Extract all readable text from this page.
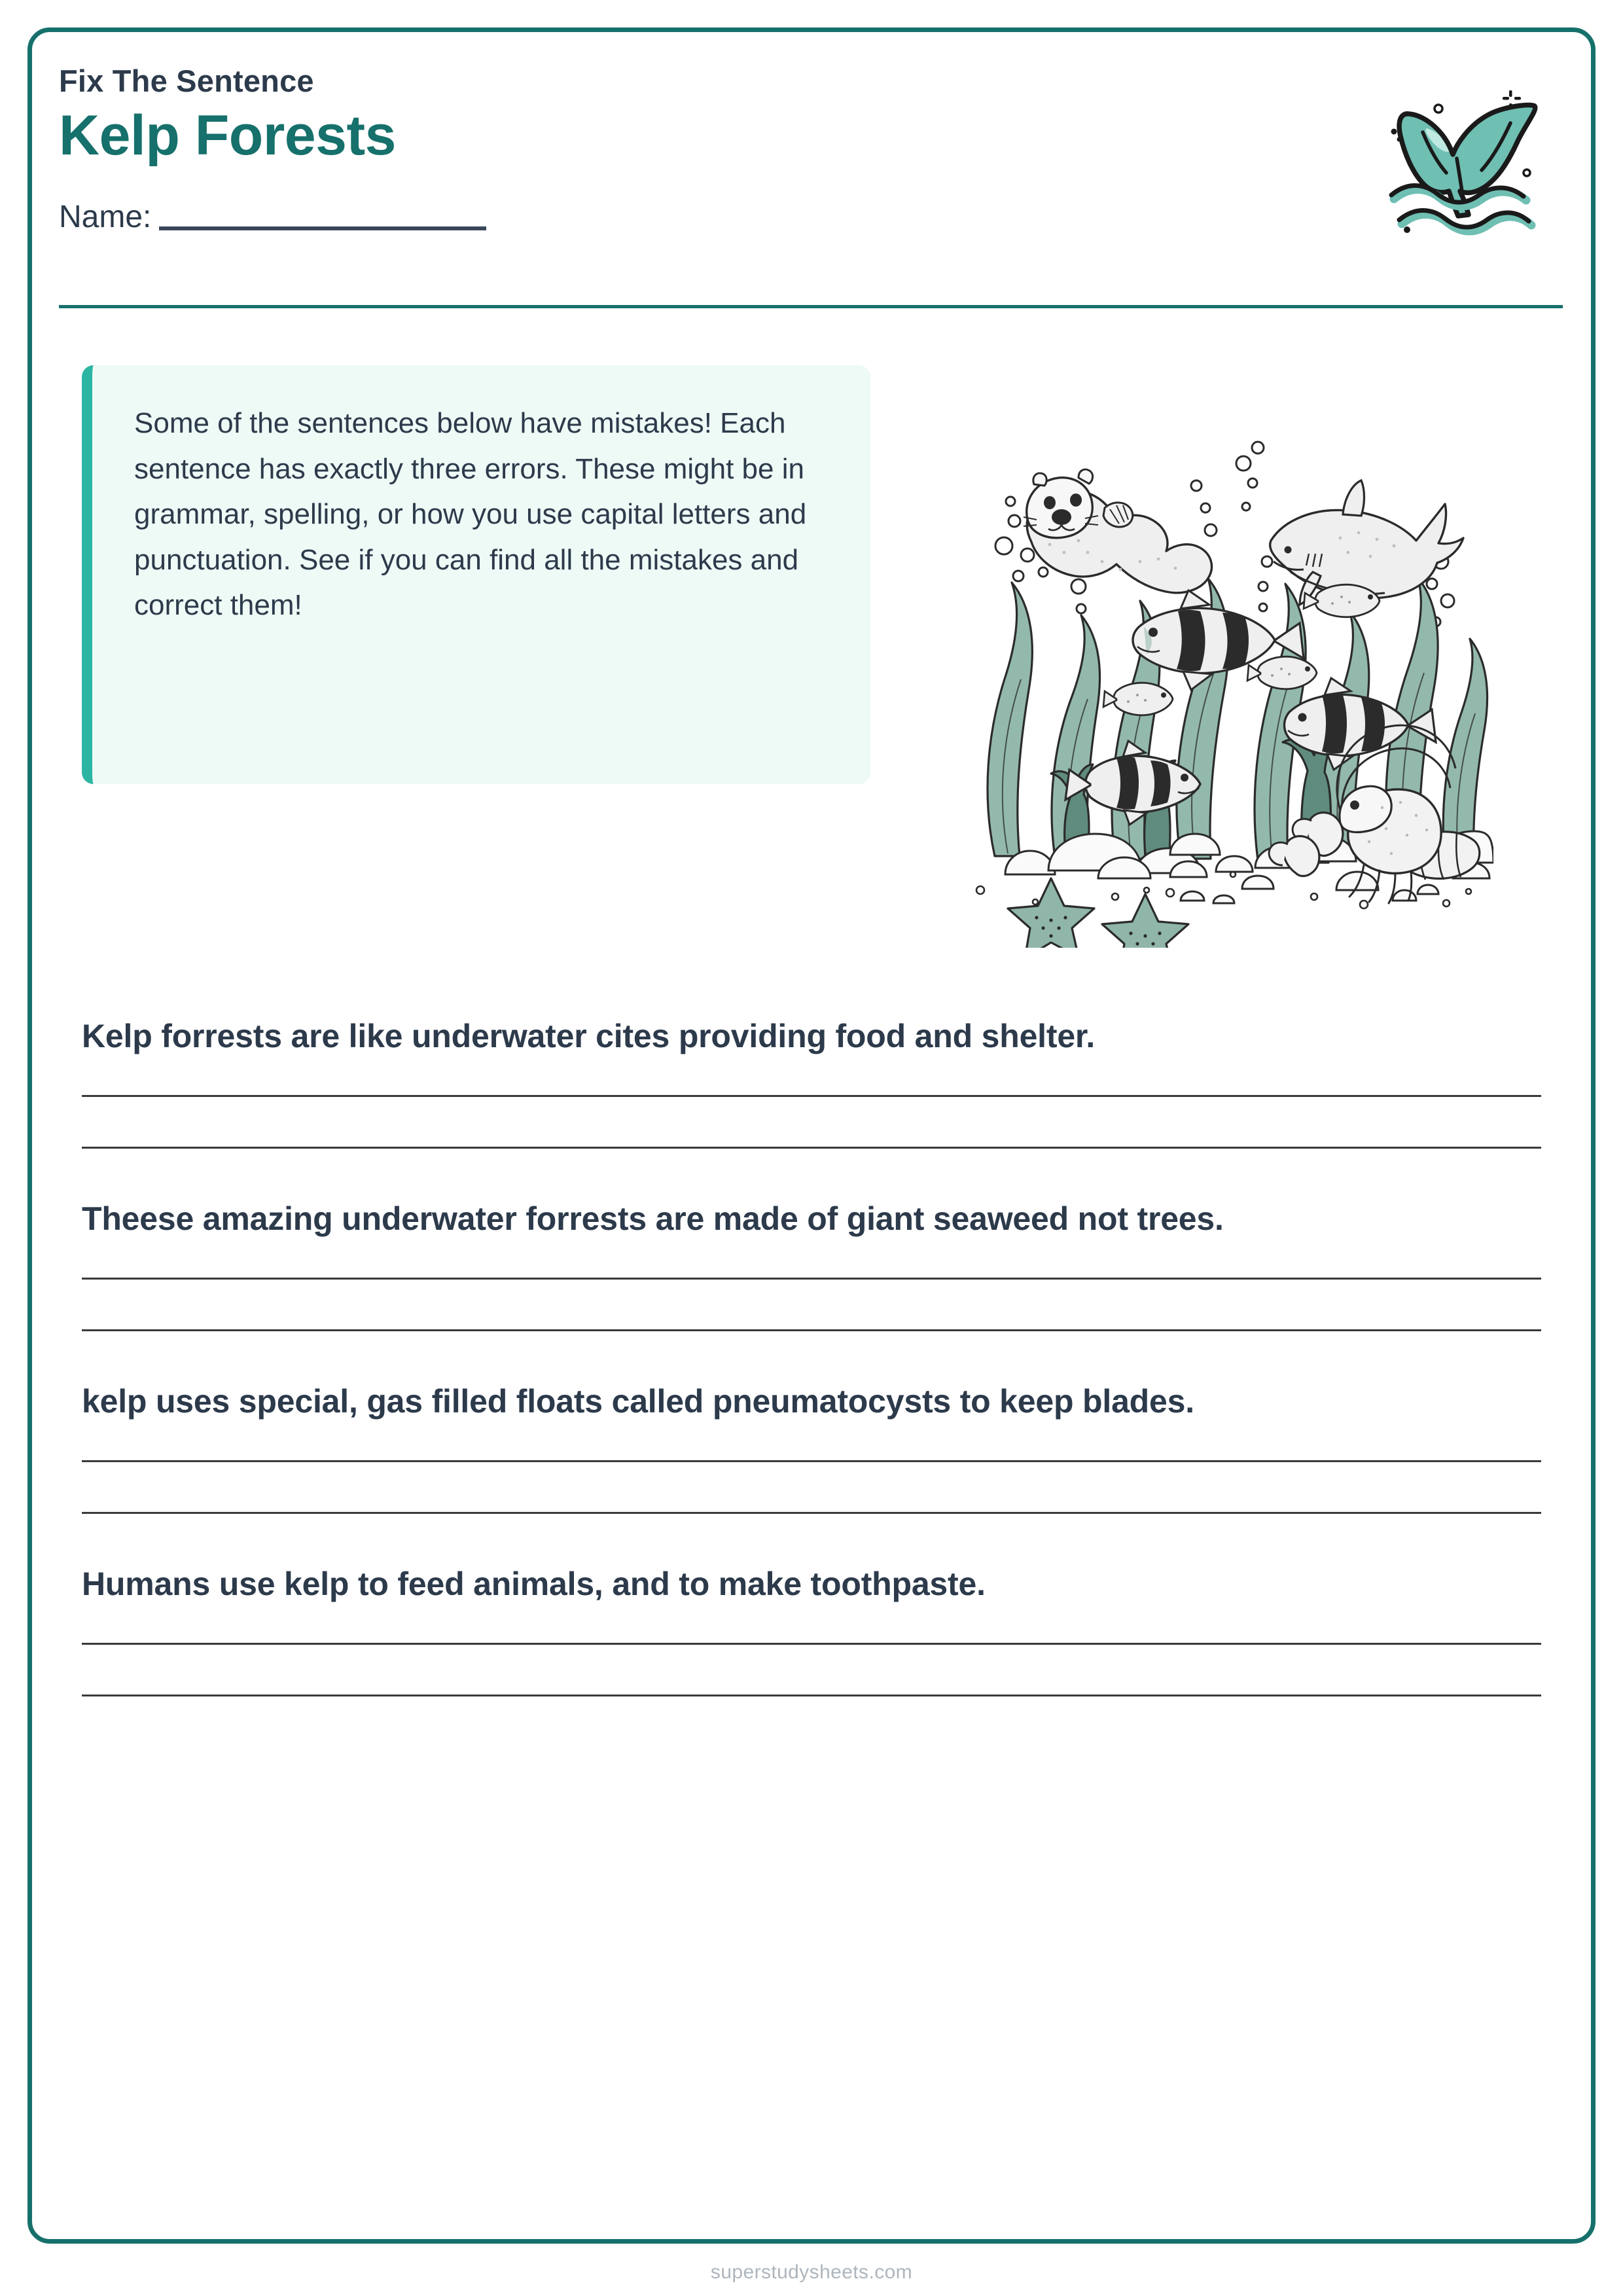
Fix The Sentence
Kelp Forests
Name:
Some of the sentences below have mistakes! Each sentence has exactly three errors. These might be in grammar, spelling, or how you use capital letters and punctuation. See if you can find all the mistakes and correct them!
Kelp forrests are like underwater cites providing food and shelter.
Theese amazing underwater forrests are made of giant seaweed not trees.
kelp uses special, gas filled floats called pneumatocysts to keep blades.
Humans use kelp to feed animals, and to make toothpaste.
superstudysheets.com
